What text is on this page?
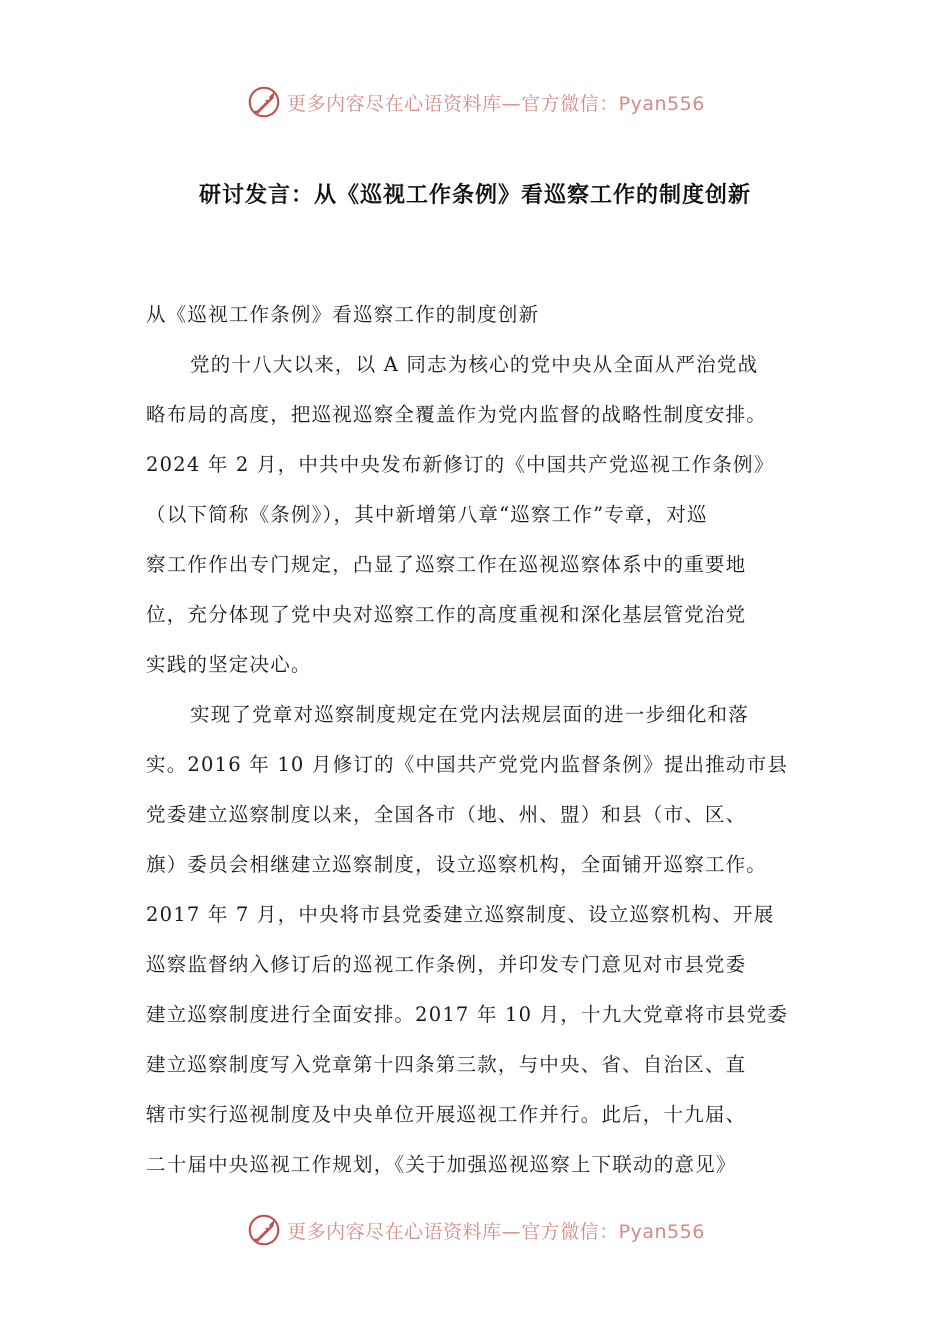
更多内容尽在心语资料库—官方微信：Pyan556
研讨发言：从《巡视工作条例》看巡察工作的制度创新
从《巡视工作条例》看巡察工作的制度创新
党的十八大以来，以 A 同志为核心的党中央从全面从严治党战
略布局的高度，把巡视巡察全覆盖作为党内监督的战略性制度安排。
2024 年 2 月，中共中央发布新修订的《中国共产党巡视工作条例》
（以下简称《条例》），其中新增第八章“巡察工作”专章，对巡
察工作作出专门规定，凸显了巡察工作在巡视巡察体系中的重要地
位，充分体现了党中央对巡察工作的高度重视和深化基层管党治党
实践的坚定决心。
实现了党章对巡察制度规定在党内法规层面的进一步细化和落
实。2016 年 10 月修订的《中国共产党党内监督条例》提出推动市县
党委建立巡察制度以来，全国各市（地、州、盟）和县（市、区、
旗）委员会相继建立巡察制度，设立巡察机构，全面铺开巡察工作。
2017 年 7 月，中央将市县党委建立巡察制度、设立巡察机构、开展
巡察监督纳入修订后的巡视工作条例，并印发专门意见对市县党委
建立巡察制度进行全面安排。2017 年 10 月，十九大党章将市县党委
建立巡察制度写入党章第十四条第三款，与中央、省、自治区、直
辖市实行巡视制度及中央单位开展巡视工作并行。此后，十九届、
二十届中央巡视工作规划，《关于加强巡视巡察上下联动的意见》
更多内容尽在心语资料库—官方微信：Pyan556
